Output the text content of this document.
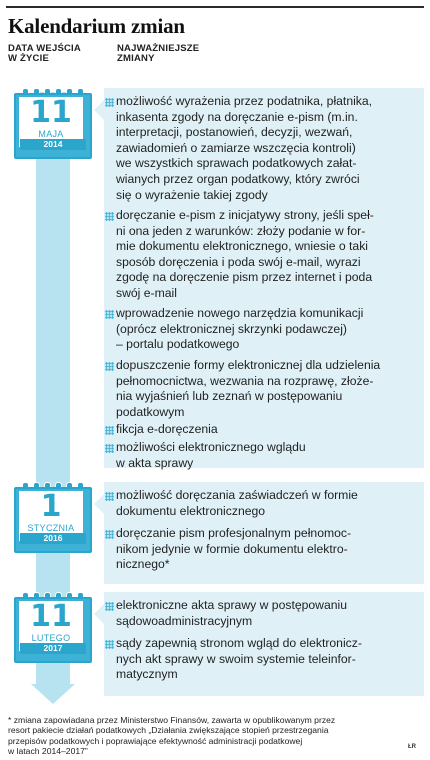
Kalendarium zmian
DATA WEJŚCIA
W ŻYCIE
NAJWAŻNIEJSZE
ZMIANY
11
MAJA
2014
możliwość wyrażenia przez podatnika, płatnika,
inkasenta zgody na doręczanie e-pism (m.in.
interpretacji, postanowień, decyzji, wezwań,
zawiadomień o zamiarze wszczęcia kontroli)
we wszystkich sprawach podatkowych załat-
wianych przez organ podatkowy, który zwróci
się o wyrażenie takiej zgody
doręczanie e-pism z inicjatywy strony, jeśli speł-
ni ona jeden z warunków: złoży podanie w for-
mie dokumentu elektronicznego, wniesie o taki
sposób doręczenia i poda swój e-mail, wyrazi
zgodę na doręczenie pism przez internet i poda
swój e-mail
wprowadzenie nowego narzędzia komunikacji
(oprócz elektronicznej skrzynki podawczej)
– portalu podatkowego
dopuszczenie formy elektronicznej dla udzielenia
pełnomocnictwa, wezwania na rozprawę, złoże-
nia wyjaśnień lub zeznań w postępowaniu
podatkowym
fikcja e-doręczenia
możliwości elektronicznego wglądu
w akta sprawy
1
STYCZNIA
2016
możliwość doręczania zaświadczeń w formie
dokumentu elektronicznego
doręczanie pism profesjonalnym pełnomoc-
nikom jedynie w formie dokumentu elektro-
nicznego*
11
LUTEGO
2017
elektroniczne akta sprawy w postępowaniu
sądowoadministracyjnym
sądy zapewnią stronom wgląd do elektronicz-
nych akt sprawy w swoim systemie teleinfor-
matycznym
* zmiana zapowiadana przez Ministerstwo Finansów, zawarta w opublikowanym przez
resort pakiecie działań podatkowych „Działania zwiększające stopień przestrzegania
przepisów podatkowych i poprawiające efektywność administracji podatkowej
w latach 2014–2017”	ŁR
